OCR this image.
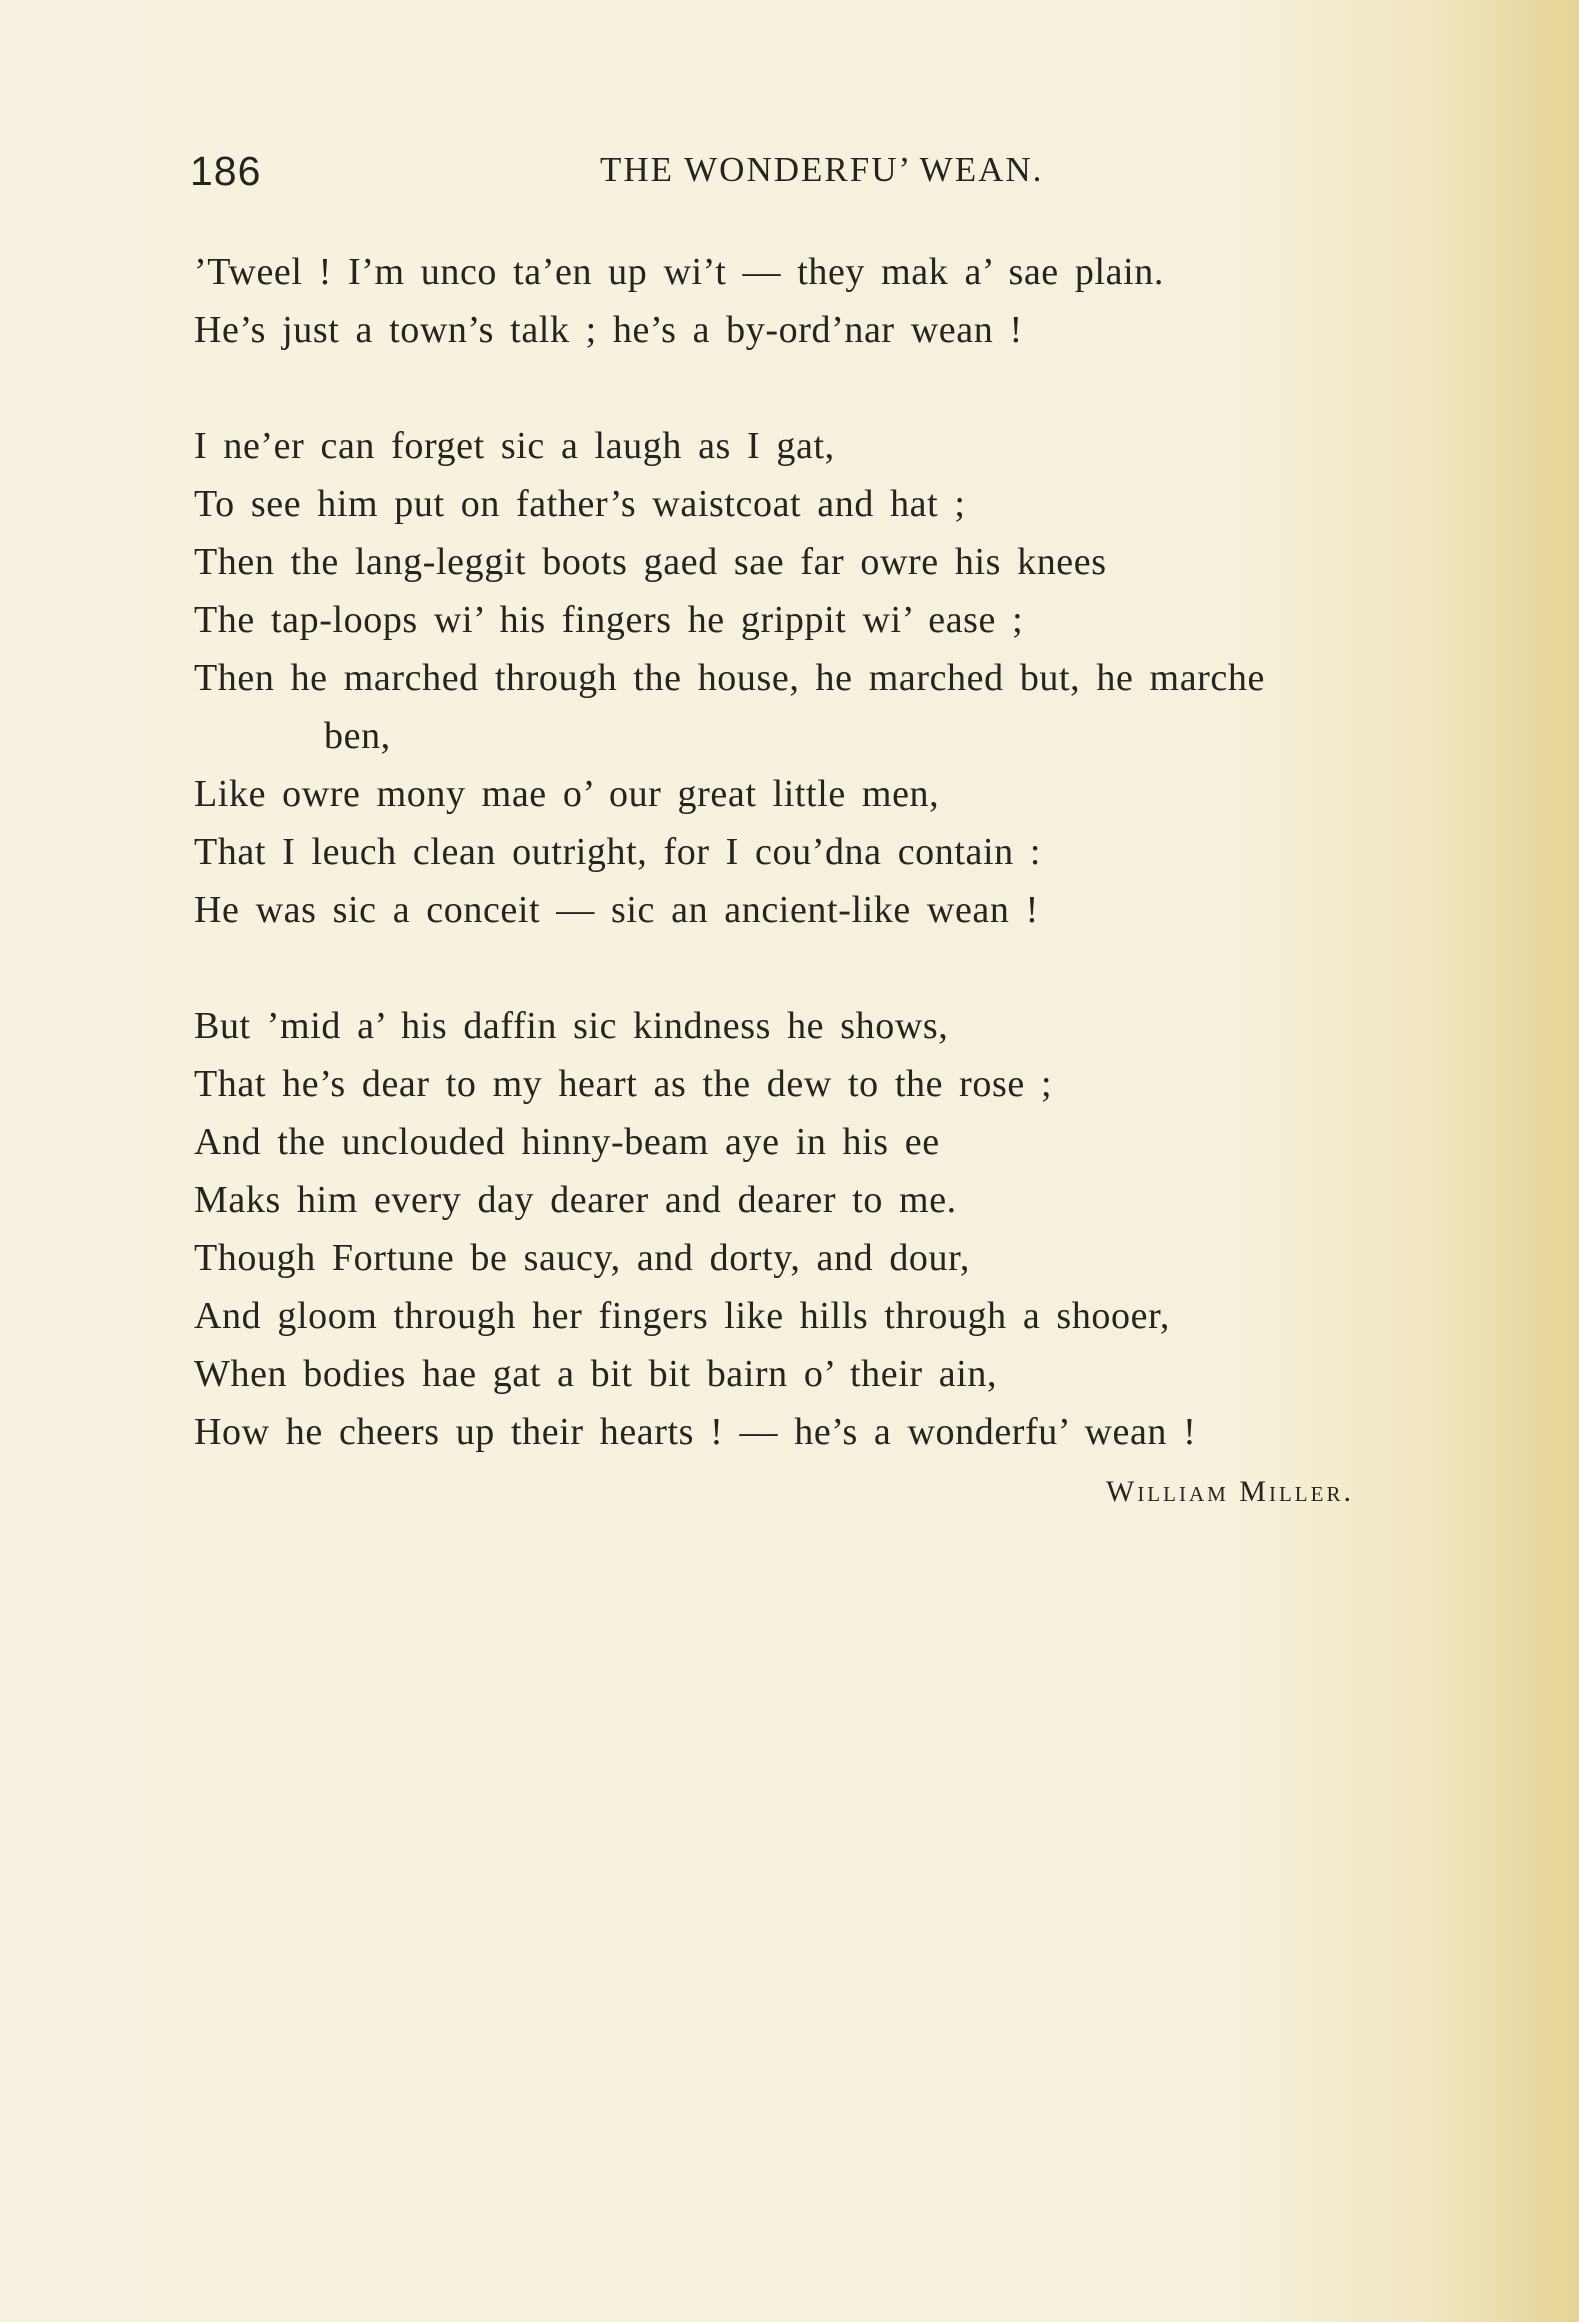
186	THE WONDERFU’ WEAN.
’Tweel ! I’m unco ta’en up wi’t — they mak a’ sae plain.
He’s just a town’s talk ; he’s a by-ord’nar wean !
I ne’er can forget sic a laugh as I gat,
To see him put on father’s waistcoat and hat ;
Then the lang-leggit boots gaed sae far owre his knees
The tap-loops wi’ his fingers he grippit wi’ ease ;
Then he marched through the house, he marched but, he marche
ben,
Like owre mony mae o’ our great little men,
That I leuch clean outright, for I cou’dna contain :
He was sic a conceit — sic an ancient-like wean !
But ’mid a’ his daffin sic kindness he shows,
That he’s dear to my heart as the dew to the rose ;
And the unclouded hinny-beam aye in his ee
Maks him every day dearer and dearer to me.
Though Fortune be saucy, and dorty, and dour,
And gloom through her fingers like hills through a shooer,
When bodies hae gat a bit bit bairn o’ their ain,
How he cheers up their hearts ! — he’s a wonderfu’ wean !
William Miller.
